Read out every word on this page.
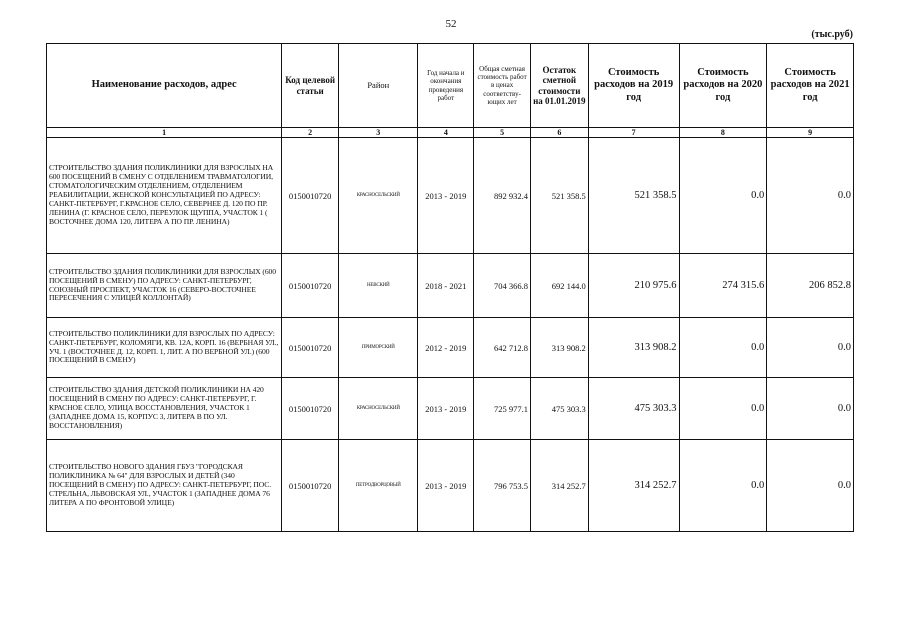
52
(тыс.руб)
Наименование расходов, адрес	Код целевой статьи	Район	Год начала и окончания проведения работ	Общая сметная стоимость работ в ценах соответству-ющих лет	Остаток сметной стоимости на 01.01.2019	Стоимость расходов на 2019 год	Стоимость расходов на 2020 год	Стоимость расходов на 2021 год
1	2	3	4	5	6	7	8	9
СТРОИТЕЛЬСТВО ЗДАНИЯ ПОЛИКЛИНИКИ ДЛЯ ВЗРОСЛЫХ НА 600 ПОСЕЩЕНИЙ В СМЕНУ С ОТДЕЛЕНИЕМ ТРАВМАТОЛОГИИ, СТОМАТОЛОГИЧЕСКИМ ОТДЕЛЕНИЕМ, ОТДЕЛЕНИЕМ РЕАБИЛИТАЦИИ, ЖЕНСКОЙ КОНСУЛЬТАЦИЕЙ ПО АДРЕСУ: САНКТ-ПЕТЕРБУРГ, Г.КРАСНОЕ СЕЛО, СЕВЕРНЕЕ Д. 120 ПО ПР. ЛЕНИНА (Г. КРАСНОЕ СЕЛО, ПЕРЕУЛОК ЩУППА, УЧАСТОК 1 ( ВОСТОЧНЕЕ ДОМА 120, ЛИТЕРА А ПО ПР. ЛЕНИНА)	0150010720	КРАСНОСЕЛЬСКИЙ	2013 - 2019	892 932.4	521 358.5	521 358.5	0.0	0.0
СТРОИТЕЛЬСТВО ЗДАНИЯ ПОЛИКЛИНИКИ ДЛЯ ВЗРОСЛЫХ (600 ПОСЕЩЕНИЙ В СМЕНУ) ПО АДРЕСУ: САНКТ-ПЕТЕРБУРГ, СОЮЗНЫЙ ПРОСПЕКТ, УЧАСТОК 16 (СЕВЕРО-ВОСТОЧНЕЕ ПЕРЕСЕЧЕНИЯ С УЛИЦЕЙ КОЛЛОНТАЙ)	0150010720	НЕВСКИЙ	2018 - 2021	704 366.8	692 144.0	210 975.6	274 315.6	206 852.8
СТРОИТЕЛЬСТВО ПОЛИКЛИНИКИ ДЛЯ ВЗРОСЛЫХ ПО АДРЕСУ: САНКТ-ПЕТЕРБУРГ, КОЛОМЯГИ, КВ. 12А, КОРП. 16 (ВЕРБНАЯ УЛ., УЧ. 1 (ВОСТОЧНЕЕ Д. 12, КОРП. 1, ЛИТ. А ПО ВЕРБНОЙ УЛ.) (600 ПОСЕЩЕНИЙ В СМЕНУ)	0150010720	ПРИМОРСКИЙ	2012 - 2019	642 712.8	313 908.2	313 908.2	0.0	0.0
СТРОИТЕЛЬСТВО ЗДАНИЯ ДЕТСКОЙ ПОЛИКЛИНИКИ НА 420 ПОСЕЩЕНИЙ В СМЕНУ ПО АДРЕСУ: САНКТ-ПЕТЕРБУРГ, Г. КРАСНОЕ СЕЛО, УЛИЦА ВОССТАНОВЛЕНИЯ, УЧАСТОК 1 (ЗАПАДНЕЕ ДОМА 15, КОРПУС 3, ЛИТЕРА В ПО УЛ. ВОССТАНОВЛЕНИЯ)	0150010720	КРАСНОСЕЛЬСКИЙ	2013 - 2019	725 977.1	475 303.3	475 303.3	0.0	0.0
СТРОИТЕЛЬСТВО НОВОГО ЗДАНИЯ ГБУЗ "ГОРОДСКАЯ ПОЛИКЛИНИКА № 64" ДЛЯ ВЗРОСЛЫХ И ДЕТЕЙ (340 ПОСЕЩЕНИЙ В СМЕНУ) ПО АДРЕСУ: САНКТ-ПЕТЕРБУРГ, ПОС. СТРЕЛЬНА, ЛЬВОВСКАЯ УЛ., УЧАСТОК 1 (ЗАПАДНЕЕ ДОМА 76 ЛИТЕРА А ПО ФРОНТОВОЙ УЛИЦЕ)	0150010720	ПЕТРОДВОРЦОВЫЙ	2013 - 2019	796 753.5	314 252.7	314 252.7	0.0	0.0
